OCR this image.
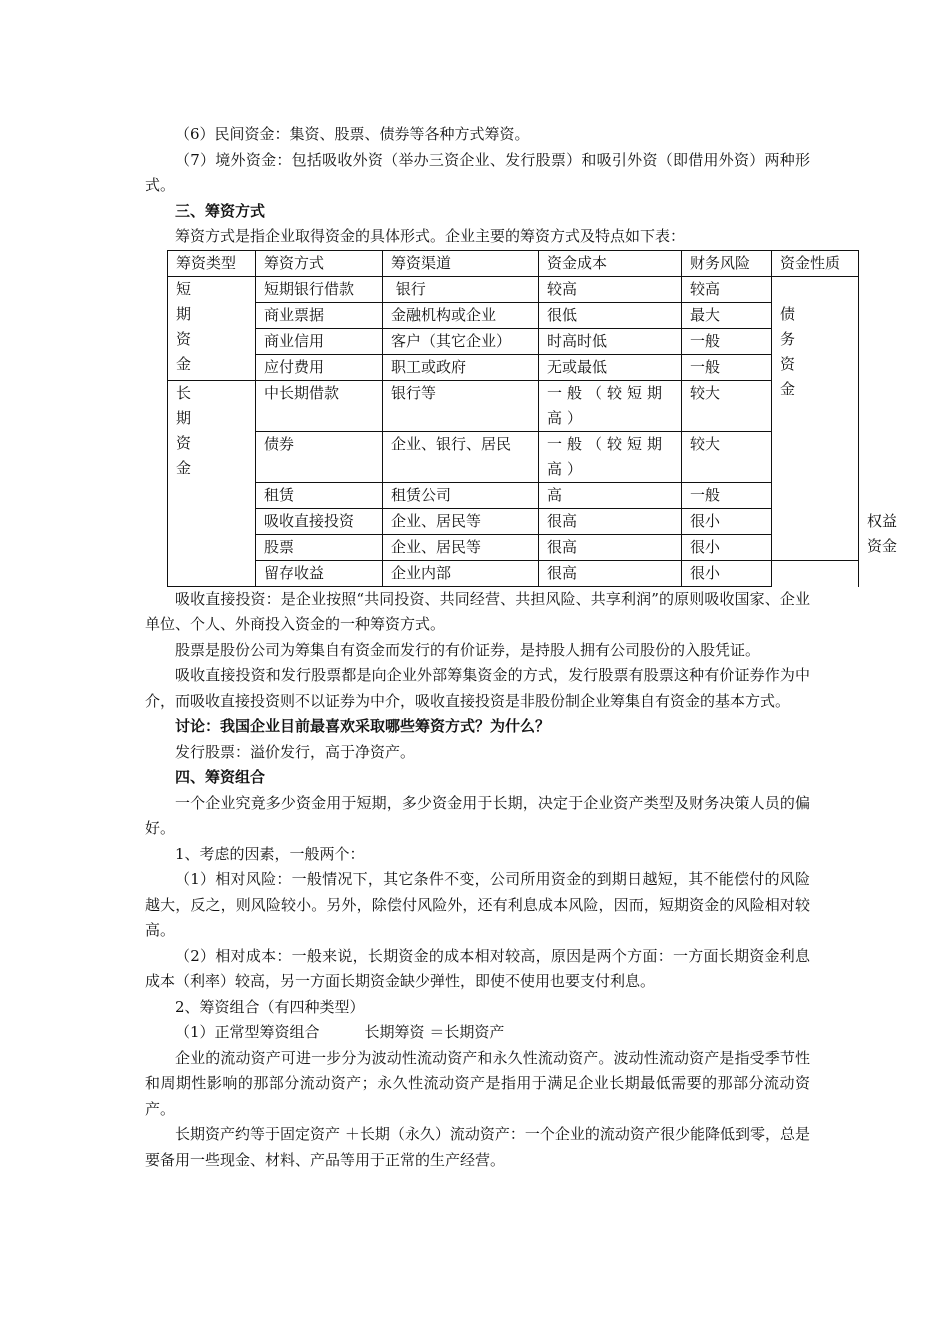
（6）民间资金：集资、股票、债券等各种方式筹资。

（7）境外资金：包括吸收外资（举办三资企业、发行股票）和吸引外资（即借用外资）两种形式。

三、筹资方式

筹资方式是指企业取得资金的具体形式。企业主要的筹资方式及特点如下表：

筹资类型	筹资方式	筹资渠道	资金成本	财务风险	资金性质	

短期资金	短期银行借款	银行	较高	较高	债务资金	

	商业票据	金融机构或企业	很低	最大		
	商业信用	客户（其它企业）	时高时低	一般		
	应付费用	职工或政府	无或最低	一般		

长期资金	中长期借款	银行等	一般（较短期高）	较大		
	债券	企业、银行、居民	一般（较短期高）	较大		
	租赁	租赁公司	高	一般		
	吸收直接投资	企业、居民等	很高	很小		权益资金

	股票	企业、居民等	很高	很小		
	留存收益	企业内部	很高	很小		

吸收直接投资：是企业按照“共同投资、共同经营、共担风险、共享利润”的原则吸收国家、企业单位、个人、外商投入资金的一种筹资方式。

股票是股份公司为筹集自有资金而发行的有价证券，是持股人拥有公司股份的入股凭证。

吸收直接投资和发行股票都是向企业外部筹集资金的方式，发行股票有股票这种有价证券作为中介，而吸收直接投资则不以证券为中介，吸收直接投资是非股份制企业筹集自有资金的基本方式。

讨论：我国企业目前最喜欢采取哪些筹资方式？为什么？

发行股票：溢价发行，高于净资产。

四、筹资组合

一个企业究竟多少资金用于短期，多少资金用于长期，决定于企业资产类型及财务决策人员的偏好。

1、考虑的因素，一般两个：

（1）相对风险：一般情况下，其它条件不变，公司所用资金的到期日越短，其不能偿付的风险越大，反之，则风险较小。另外，除偿付风险外，还有利息成本风险，因而，短期资金的风险相对较高。

（2）相对成本：一般来说，长期资金的成本相对较高，原因是两个方面：一方面长期资金利息成本（利率）较高，另一方面长期资金缺少弹性，即使不使用也要支付利息。

2、筹资组合（有四种类型）

（1）正常型筹资组合　　　长期筹资 ＝长期资产

企业的流动资产可进一步分为波动性流动资产和永久性流动资产。波动性流动资产是指受季节性和周期性影响的那部分流动资产；永久性流动资产是指用于满足企业长期最低需要的那部分流动资产。

长期资产约等于固定资产 ＋长期（永久）流动资产：一个企业的流动资产很少能降低到零，总是要备用一些现金、材料、产品等用于正常的生产经营。
